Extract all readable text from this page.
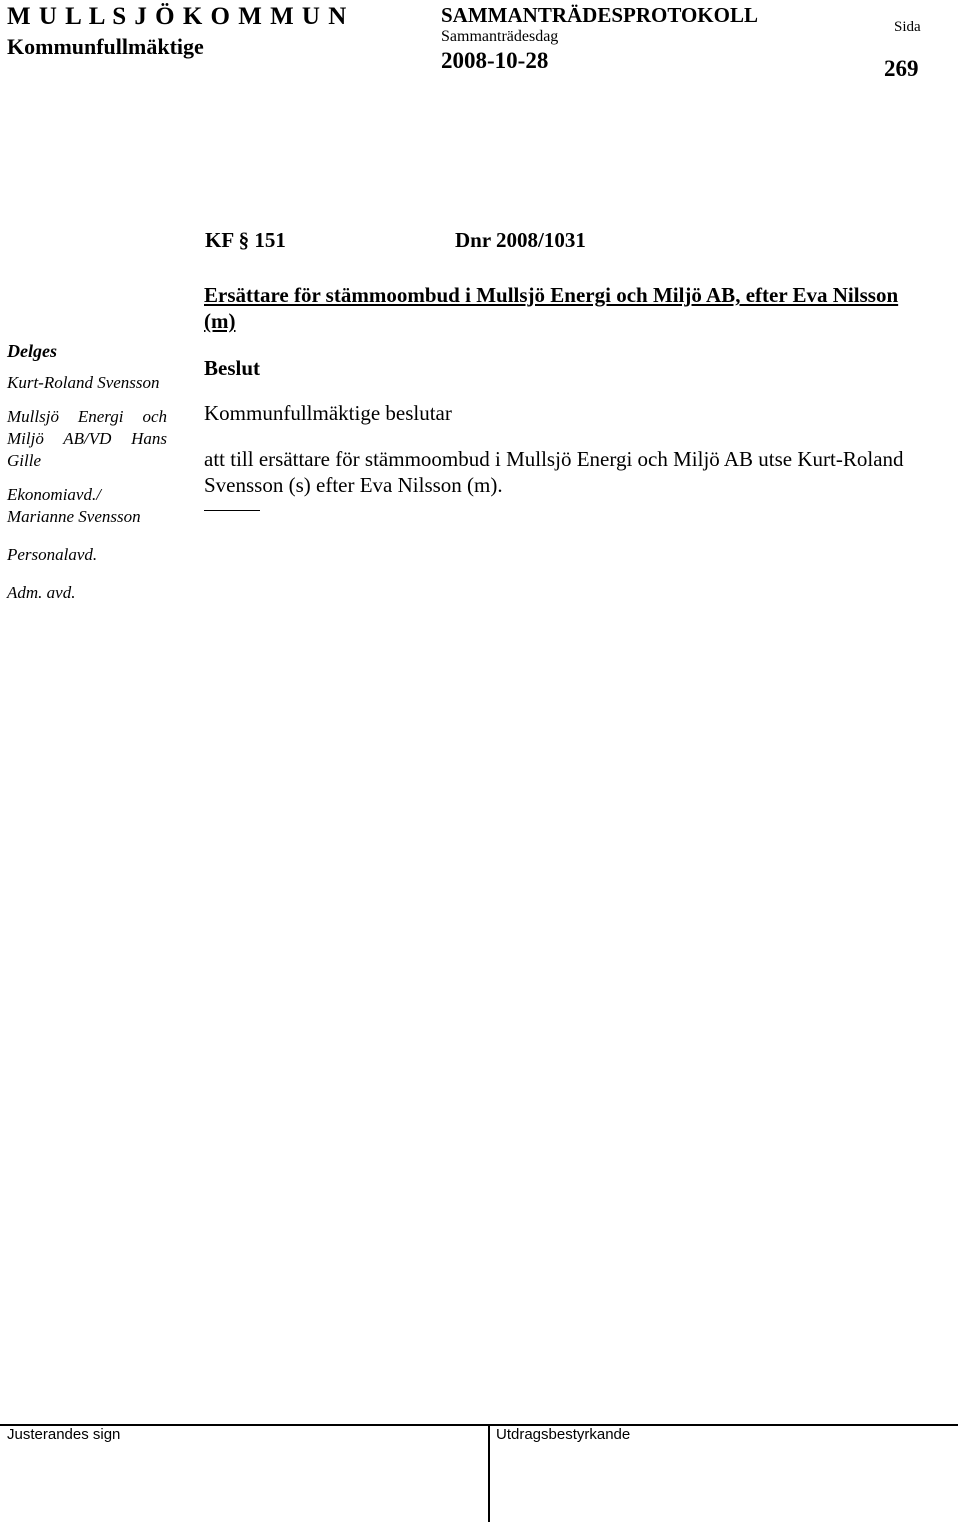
M U L L S J Ö K O M M U N
Kommunfullmäktige
SAMMANTRÄDESPROTOKOLL
Sammanträdesdag
2008-10-28
Sida
269
KF § 151	Dnr 2008/1031
Delges
Kurt-Roland Svensson
Mullsjö Energi och Miljö AB/VD Hans Gille
Ekonomiavd./ Marianne Svensson
Personalavd.
Adm. avd.

Ersättare för stämmoombud i Mullsjö Energi och Miljö AB, efter Eva Nilsson (m)

Beslut

Kommunfullmäktige beslutar

att till ersättare för stämmoombud i Mullsjö Energi och Miljö AB utse Kurt-Roland Svensson (s) efter Eva Nilsson (m).

Justerandes sign	Utdragsbestyrkande
